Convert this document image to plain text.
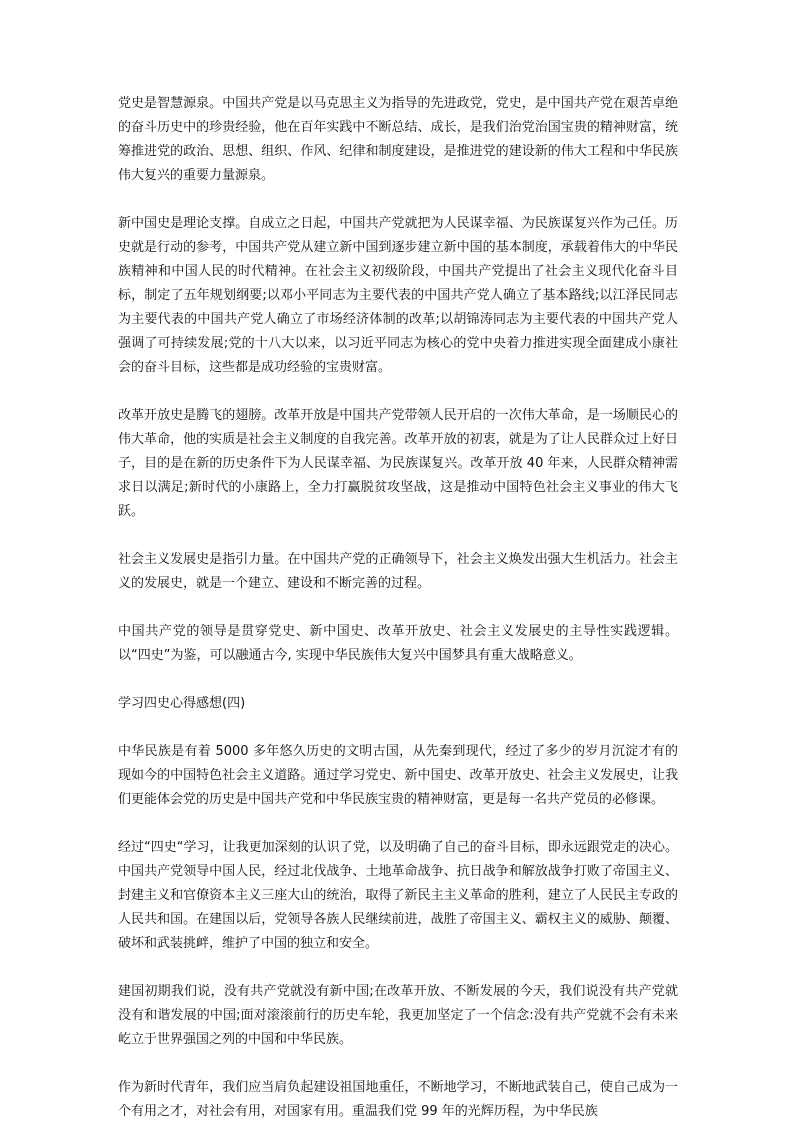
党史是智慧源泉。中国共产党是以马克思主义为指导的先进政党，党史，是中国共产党在艰苦卓绝的奋斗历史中的珍贵经验，他在百年实践中不断总结、成长，是我们治党治国宝贵的精神财富，统筹推进党的政治、思想、组织、作风、纪律和制度建设，是推进党的建设新的伟大工程和中华民族伟大复兴的重要力量源泉。

新中国史是理论支撑。自成立之日起，中国共产党就把为人民谋幸福、为民族谋复兴作为己任。历史就是行动的参考，中国共产党从建立新中国到逐步建立新中国的基本制度，承载着伟大的中华民族精神和中国人民的时代精神。在社会主义初级阶段，中国共产党提出了社会主义现代化奋斗目标，制定了五年规划纲要;以邓小平同志为主要代表的中国共产党人确立了基本路线;以江泽民同志为主要代表的中国共产党人确立了市场经济体制的改革;以胡锦涛同志为主要代表的中国共产党人强调了可持续发展;党的十八大以来，以习近平同志为核心的党中央着力推进实现全面建成小康社会的奋斗目标，这些都是成功经验的宝贵财富。

改革开放史是腾飞的翅膀。改革开放是中国共产党带领人民开启的一次伟大革命，是一场顺民心的伟大革命，他的实质是社会主义制度的自我完善。改革开放的初衷，就是为了让人民群众过上好日子，目的是在新的历史条件下为人民谋幸福、为民族谋复兴。改革开放 40 年来，人民群众精神需求日以满足;新时代的小康路上，全力打赢脱贫攻坚战，这是推动中国特色社会主义事业的伟大飞跃。

社会主义发展史是指引力量。在中国共产党的正确领导下，社会主义焕发出强大生机活力。社会主义的发展史，就是一个建立、建设和不断完善的过程。

中国共产党的领导是贯穿党史、新中国史、改革开放史、社会主义发展史的主导性实践逻辑。以“四史”为鉴，可以融通古今, 实现中华民族伟大复兴中国梦具有重大战略意义。

学习四史心得感想(四)

中华民族是有着 5000 多年悠久历史的文明古国，从先秦到现代，经过了多少的岁月沉淀才有的现如今的中国特色社会主义道路。通过学习党史、新中国史、改革开放史、社会主义发展史，让我们更能体会党的历史是中国共产党和中华民族宝贵的精神财富，更是每一名共产党员的必修课。

经过“四史“学习，让我更加深刻的认识了党，以及明确了自己的奋斗目标，即永远跟党走的决心。中国共产党领导中国人民，经过北伐战争、土地革命战争、抗日战争和解放战争打败了帝国主义、封建主义和官僚资本主义三座大山的统治，取得了新民主主义革命的胜利，建立了人民民主专政的人民共和国。在建国以后，党领导各族人民继续前进，战胜了帝国主义、霸权主义的威胁、颠覆、破坏和武装挑衅，维护了中国的独立和安全。

建国初期我们说，没有共产党就没有新中国;在改革开放、不断发展的今天，我们说没有共产党就没有和谐发展的中国;面对滚滚前行的历史车轮，我更加坚定了一个信念:没有共产党就不会有未来屹立于世界强国之列的中国和中华民族。

作为新时代青年，我们应当肩负起建设祖国地重任，不断地学习，不断地武装自己，使自己成为一个有用之才，对社会有用，对国家有用。重温我们党 99 年的光辉历程，为中华民族
